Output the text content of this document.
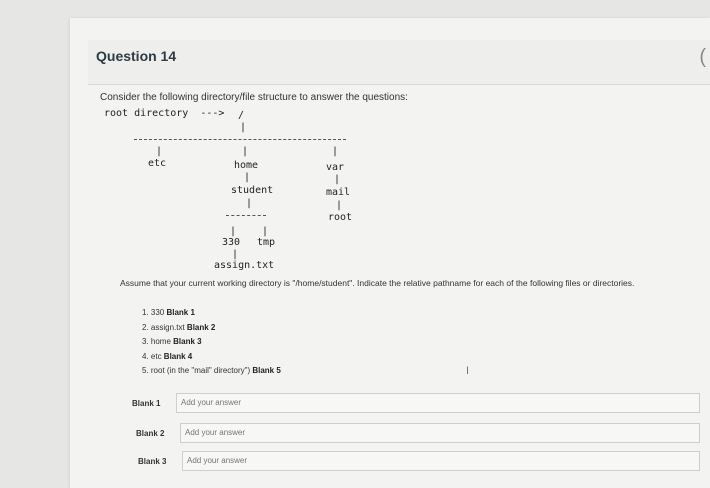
Question 14	(
Consider the following directory/file structure to answer the questions:
root directory  ---> /
|
|	|	|
etc	home	var
|	|
student	mail
|	|
root
|	|
330 tmp
|
assign.txt
Assume that your current working directory is "/home/student". Indicate the relative pathname for each of the following files or directories.
1. 330 Blank 1
2. assign.txt Blank 2
3. home Blank 3
4. etc Blank 4
5. root (in the "mail" directory") Blank 5	I
Blank 1
Add your answer
Blank 2
Add your answer
Blank 3
Add your answer
